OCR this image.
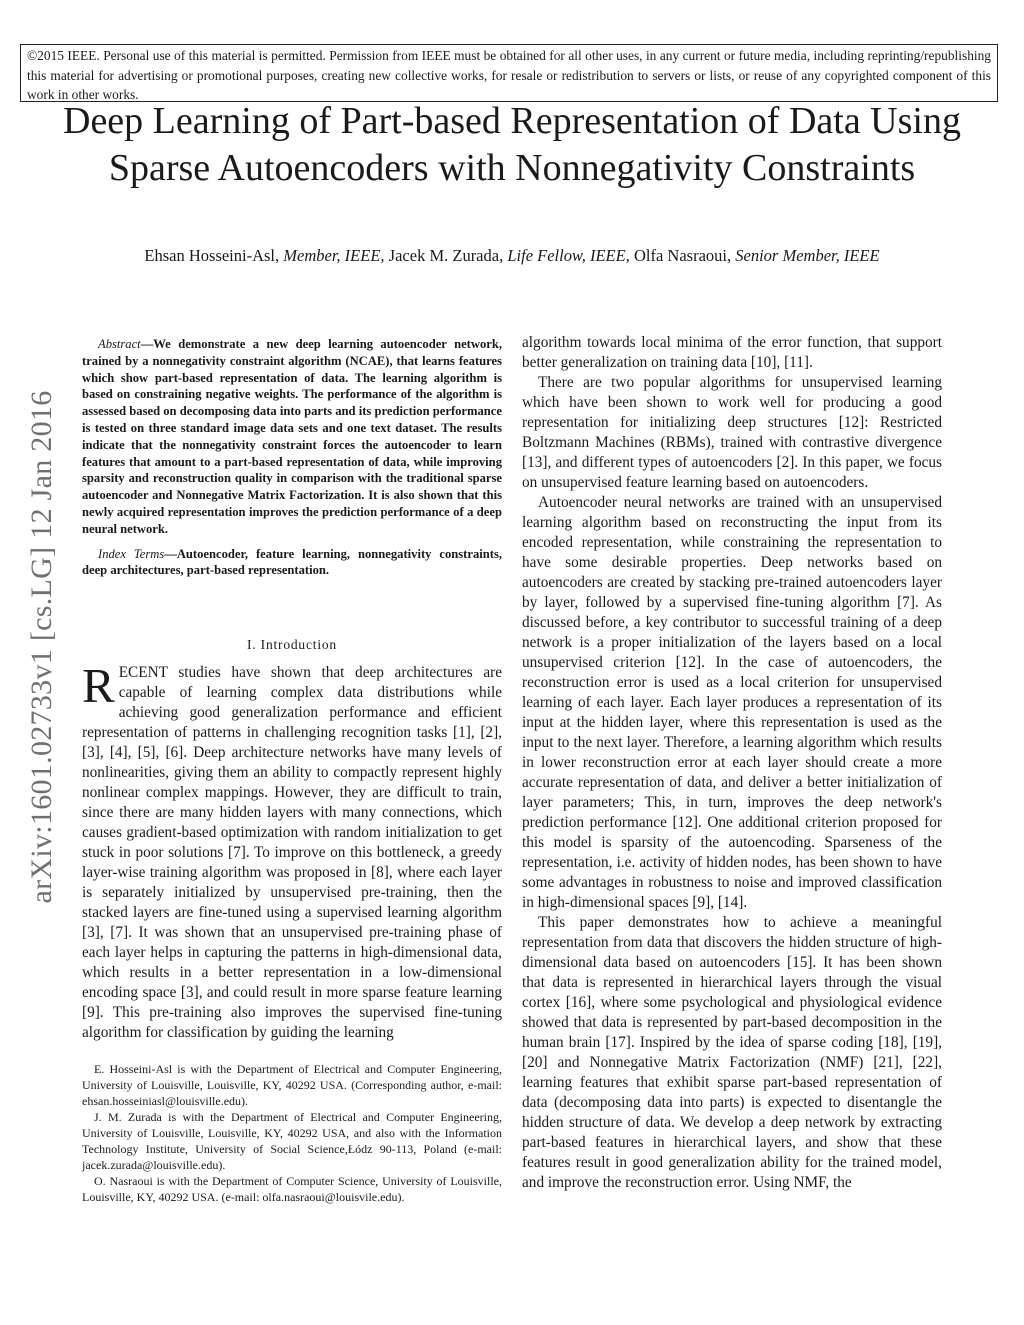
©2015 IEEE. Personal use of this material is permitted. Permission from IEEE must be obtained for all other uses, in any current or future media, including reprinting/republishing this material for advertising or promotional purposes, creating new collective works, for resale or redistribution to servers or lists, or reuse of any copyrighted component of this work in other works.
Deep Learning of Part-based Representation of Data Using Sparse Autoencoders with Nonnegativity Constraints
Ehsan Hosseini-Asl, Member, IEEE, Jacek M. Zurada, Life Fellow, IEEE, Olfa Nasraoui, Senior Member, IEEE
arXiv:1601.02733v1 [cs.LG] 12 Jan 2016

Abstract—We demonstrate a new deep learning autoencoder network, trained by a nonnegativity constraint algorithm (NCAE), that learns features which show part-based representation of data. The learning algorithm is based on constraining negative weights. The performance of the algorithm is assessed based on decomposing data into parts and its prediction performance is tested on three standard image data sets and one text dataset. The results indicate that the nonnegativity constraint forces the autoencoder to learn features that amount to a part-based representation of data, while improving sparsity and reconstruction quality in comparison with the traditional sparse autoencoder and Nonnegative Matrix Factorization. It is also shown that this newly acquired representation improves the prediction performance of a deep neural network.

Index Terms—Autoencoder, feature learning, nonnegativity constraints, deep architectures, part-based representation.

I. Introduction

RECENT studies have shown that deep architectures are capable of learning complex data distributions while achieving good generalization performance and efficient representation of patterns in challenging recognition tasks [1], [2], [3], [4], [5], [6]. Deep architecture networks have many levels of nonlinearities, giving them an ability to compactly represent highly nonlinear complex mappings. However, they are difficult to train, since there are many hidden layers with many connections, which causes gradient-based optimization with random initialization to get stuck in poor solutions [7]. To improve on this bottleneck, a greedy layer-wise training algorithm was proposed in [8], where each layer is separately initialized by unsupervised pre-training, then the stacked layers are fine-tuned using a supervised learning algorithm [3], [7]. It was shown that an unsupervised pre-training phase of each layer helps in capturing the patterns in high-dimensional data, which results in a better representation in a low-dimensional encoding space [3], and could result in more sparse feature learning [9]. This pre-training also improves the supervised fine-tuning algorithm for classification by guiding the learning

E. Hosseini-Asl is with the Department of Electrical and Computer Engineering, University of Louisville, Louisville, KY, 40292 USA. (Corresponding author, e-mail: ehsan.hosseiniasl@louisville.edu).

J. M. Zurada is with the Department of Electrical and Computer Engineering, University of Louisville, Louisville, KY, 40292 USA, and also with the Information Technology Institute, University of Social Science,Łódz 90-113, Poland (e-mail: jacek.zurada@louisville.edu).

O. Nasraoui is with the Department of Computer Science, University of Louisville, Louisville, KY, 40292 USA. (e-mail: olfa.nasraoui@louisvile.edu).

algorithm towards local minima of the error function, that support better generalization on training data [10], [11].

There are two popular algorithms for unsupervised learning which have been shown to work well for producing a good representation for initializing deep structures [12]: Restricted Boltzmann Machines (RBMs), trained with contrastive divergence [13], and different types of autoencoders [2]. In this paper, we focus on unsupervised feature learning based on autoencoders.

Autoencoder neural networks are trained with an unsupervised learning algorithm based on reconstructing the input from its encoded representation, while constraining the representation to have some desirable properties. Deep networks based on autoencoders are created by stacking pre-trained autoencoders layer by layer, followed by a supervised fine-tuning algorithm [7]. As discussed before, a key contributor to successful training of a deep network is a proper initialization of the layers based on a local unsupervised criterion [12]. In the case of autoencoders, the reconstruction error is used as a local criterion for unsupervised learning of each layer. Each layer produces a representation of its input at the hidden layer, where this representation is used as the input to the next layer. Therefore, a learning algorithm which results in lower reconstruction error at each layer should create a more accurate representation of data, and deliver a better initialization of layer parameters; This, in turn, improves the deep network's prediction performance [12]. One additional criterion proposed for this model is sparsity of the autoencoding. Sparseness of the representation, i.e. activity of hidden nodes, has been shown to have some advantages in robustness to noise and improved classification in high-dimensional spaces [9], [14].

This paper demonstrates how to achieve a meaningful representation from data that discovers the hidden structure of high-dimensional data based on autoencoders [15]. It has been shown that data is represented in hierarchical layers through the visual cortex [16], where some psychological and physiological evidence showed that data is represented by part-based decomposition in the human brain [17]. Inspired by the idea of sparse coding [18], [19], [20] and Nonnegative Matrix Factorization (NMF) [21], [22], learning features that exhibit sparse part-based representation of data (decomposing data into parts) is expected to disentangle the hidden structure of data. We develop a deep network by extracting part-based features in hierarchical layers, and show that these features result in good generalization ability for the trained model, and improve the reconstruction error. Using NMF, the
